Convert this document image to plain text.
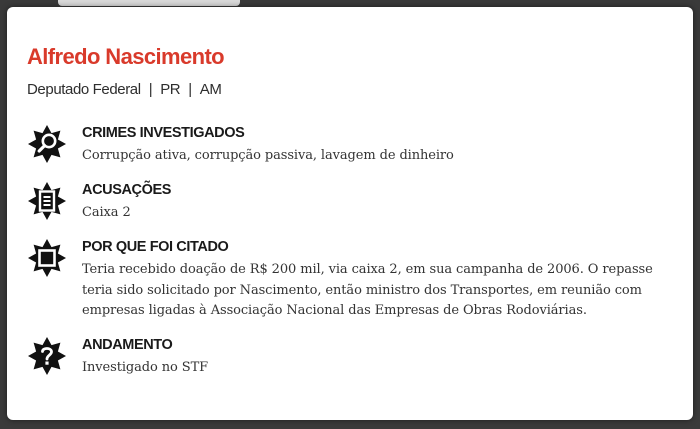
Alfredo Nascimento
Deputado Federal | PR | AM
CRIMES INVESTIGADOS
Corrupção ativa, corrupção passiva, lavagem de dinheiro
ACUSAÇÕES
Caixa 2
POR QUE FOI CITADO
Teria recebido doação de R$ 200 mil, via caixa 2, em sua campanha de 2006. O repasse teria sido solicitado por Nascimento, então ministro dos Transportes, em reunião com empresas ligadas à Associação Nacional das Empresas de Obras Rodoviárias.
ANDAMENTO
Investigado no STF
